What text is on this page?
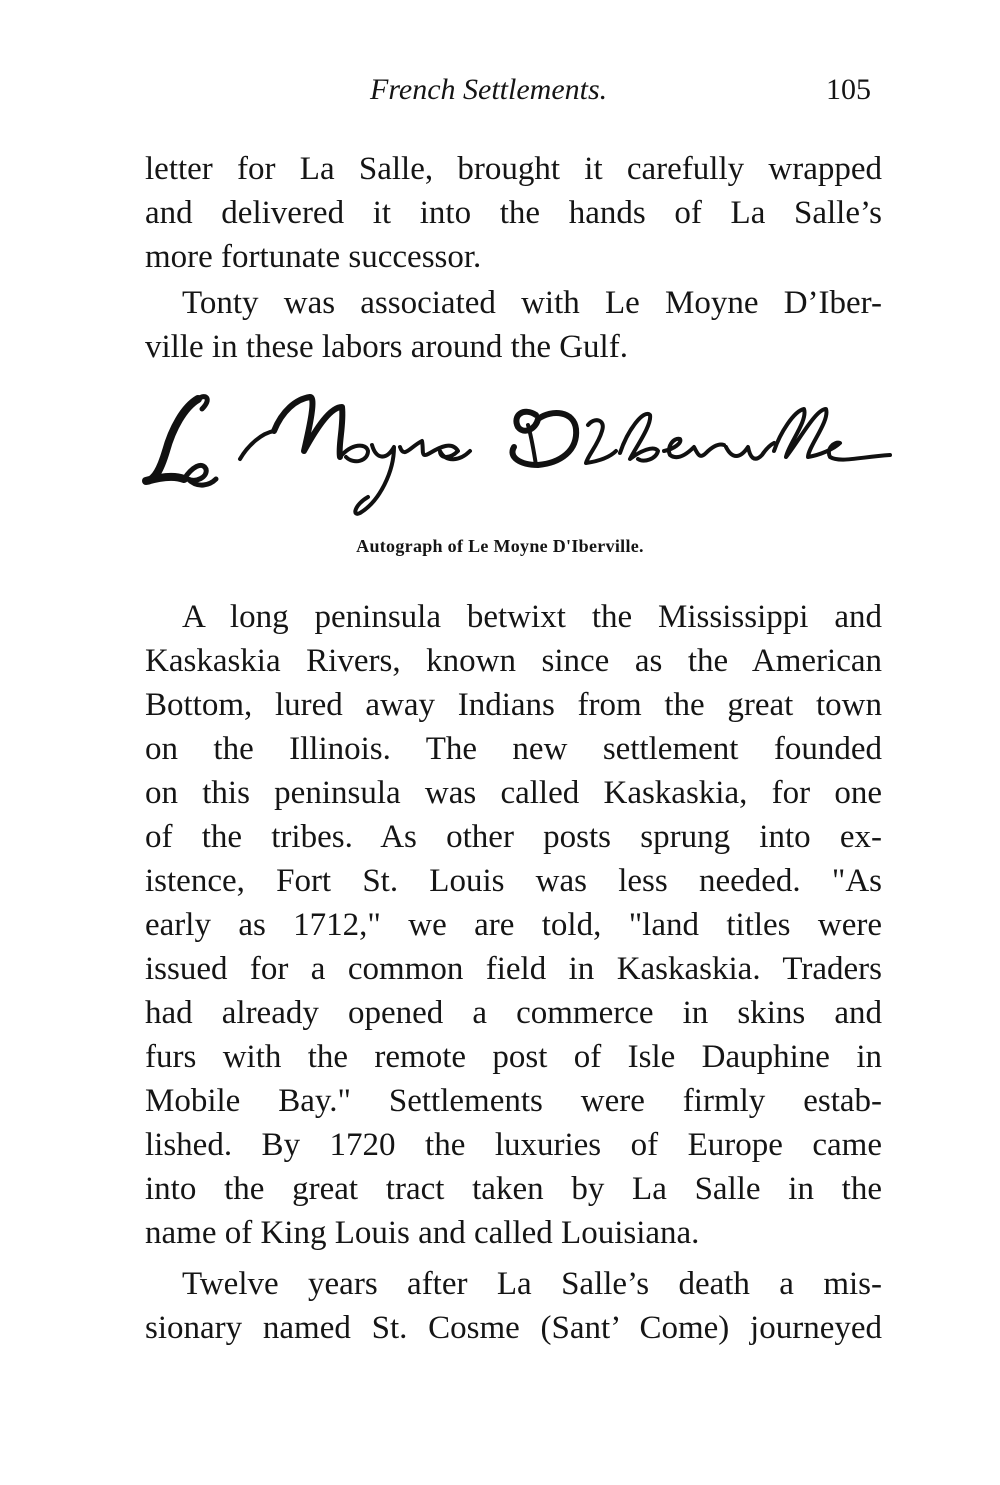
French Settlements.	105
letter for La Salle, brought it carefully wrapped
and delivered it into the hands of La Salle’s
more fortunate successor.
Tonty was associated with Le Moyne D’Iber-
ville in these labors around the Gulf.
Autograph of Le Moyne D'Iberville.
A long peninsula betwixt the Mississippi and
Kaskaskia Rivers, known since as the American
Bottom, lured away Indians from the great town
on the Illinois. The new settlement founded
on this peninsula was called Kaskaskia, for one
of the tribes. As other posts sprung into ex-
istence, Fort St. Louis was less needed. "As
early as 1712," we are told, "land titles were
issued for a common field in Kaskaskia. Traders
had already opened a commerce in skins and
furs with the remote post of Isle Dauphine in
Mobile Bay." Settlements were firmly estab-
lished. By 1720 the luxuries of Europe came
into the great tract taken by La Salle in the
name of King Louis and called Louisiana.
Twelve years after La Salle’s death a mis-
sionary named St. Cosme (Sant’ Come) journeyed
